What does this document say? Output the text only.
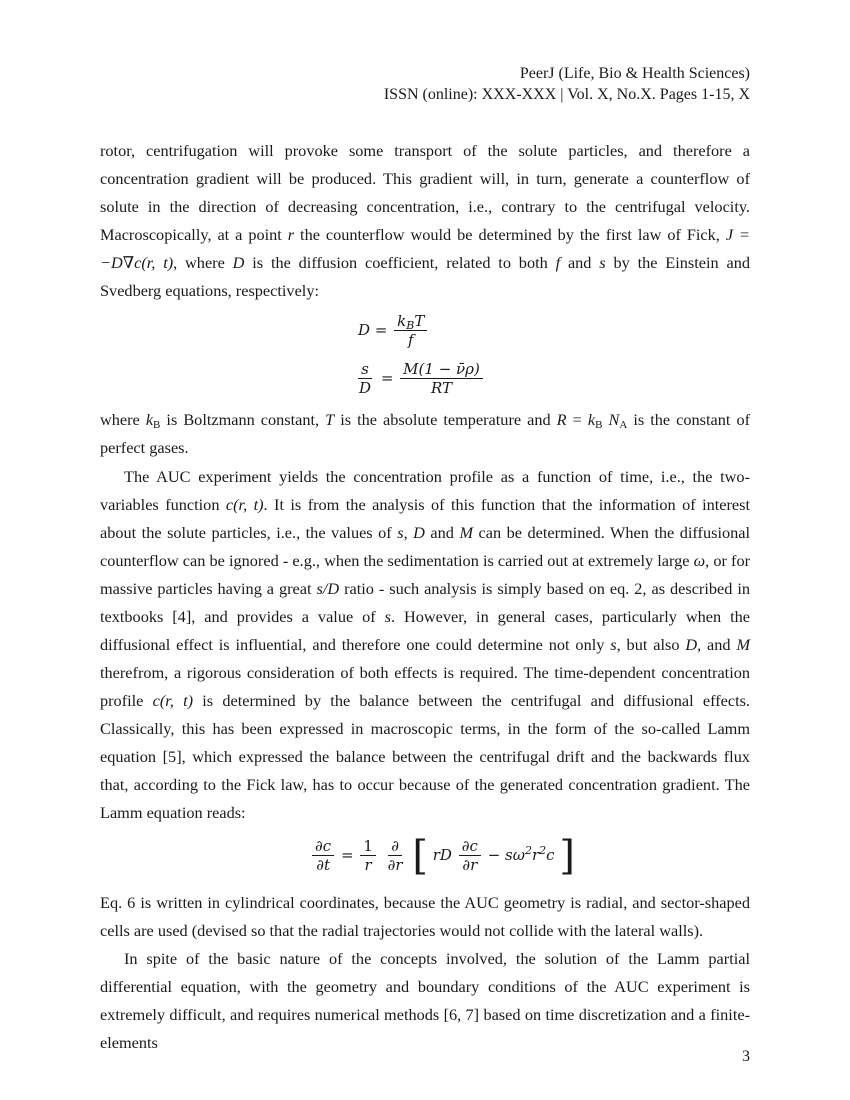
PeerJ (Life, Bio & Health Sciences)
ISSN (online): XXX-XXX | Vol. X, No.X. Pages 1-15, X

rotor, centrifugation will provoke some transport of the solute particles, and therefore a concentration gradient will be produced. This gradient will, in turn, generate a counterflow of solute in the direction of decreasing concentration, i.e., contrary to the centrifugal velocity. Macroscopically, at a point r the counterflow would be determined by the first law of Fick, J = −D∇c(r, t), where D is the diffusion coefficient, related to both f and s by the Einstein and Svedberg equations, respectively:

$D = \frac{k_BT}{f}$
$\frac{s}{D} = \frac{M(1 - \nū\rho)}{RT}$

where $k_B$ is Boltzmann constant, T is the absolute temperature and $R = k_B$ $N_A$ is the constant of perfect gases.

The AUC experiment yields the concentration profile as a function of time, i.e., the two-variables function c(r, t). It is from the analysis of this function that the information of interest about the solute particles, i.e., the values of s, D and M can be determined. When the diffusional counterflow can be ignored - e.g., when the sedimentation is carried out at extremely large ω, or for massive particles having a great s/D ratio - such analysis is simply based on eq. 2, as described in textbooks [4], and provides a value of s. However, in general cases, particularly when the diffusional effect is influential, and therefore one could determine not only s, but also D, and M therefrom, a rigorous consideration of both effects is required. The time-dependent concentration profile c(r, t) is determined by the balance between the centrifugal and diffusional effects. Classically, this has been expressed in macroscopic terms, in the form of the so-called Lamm equation [5], which expressed the balance between the centrifugal drift and the backwards flux that, according to the Fick law, has to occur because of the generated concentration gradient. The Lamm equation reads:

$\frac{\partial c}{\partial t} = \frac{1}{r}$
$\frac{\partial}{\partial r}$ [ rD $\frac{\partial c}{\partial r} - s\omega^2r^2c$ ]

Eq. 6 is written in cylindrical coordinates, because the AUC geometry is radial, and sector-shaped cells are used (devised so that the radial trajectories would not collide with the lateral walls).

In spite of the basic nature of the concepts involved, the solution of the Lamm partial differential equation, with the geometry and boundary conditions of the AUC experiment is extremely difficult, and requires numerical methods [6, 7] based on time discretization and a finite-elements

3
